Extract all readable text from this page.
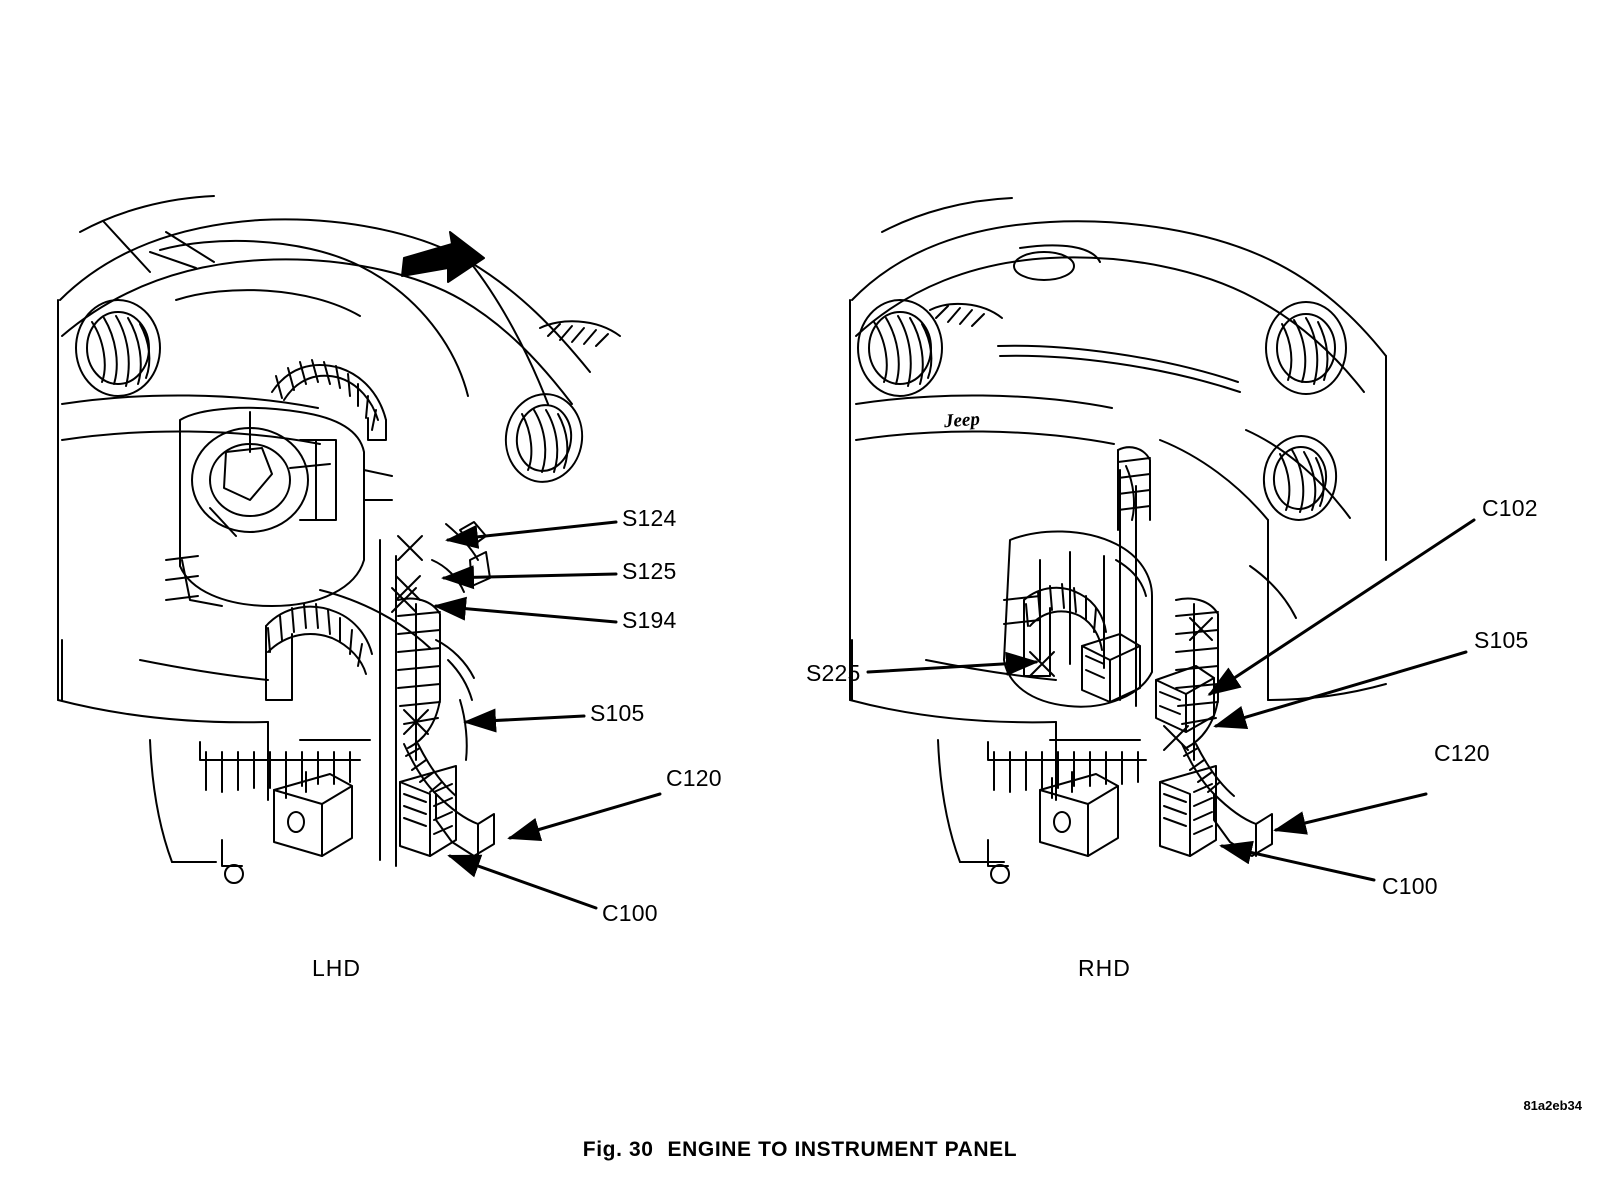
FWD
Jeep
S124
S125
S194
S105
C120
C100
C102
S105
C120
C100
S225
LHD	RHD
81a2eb34
Fig. 30 ENGINE TO INSTRUMENT PANEL
